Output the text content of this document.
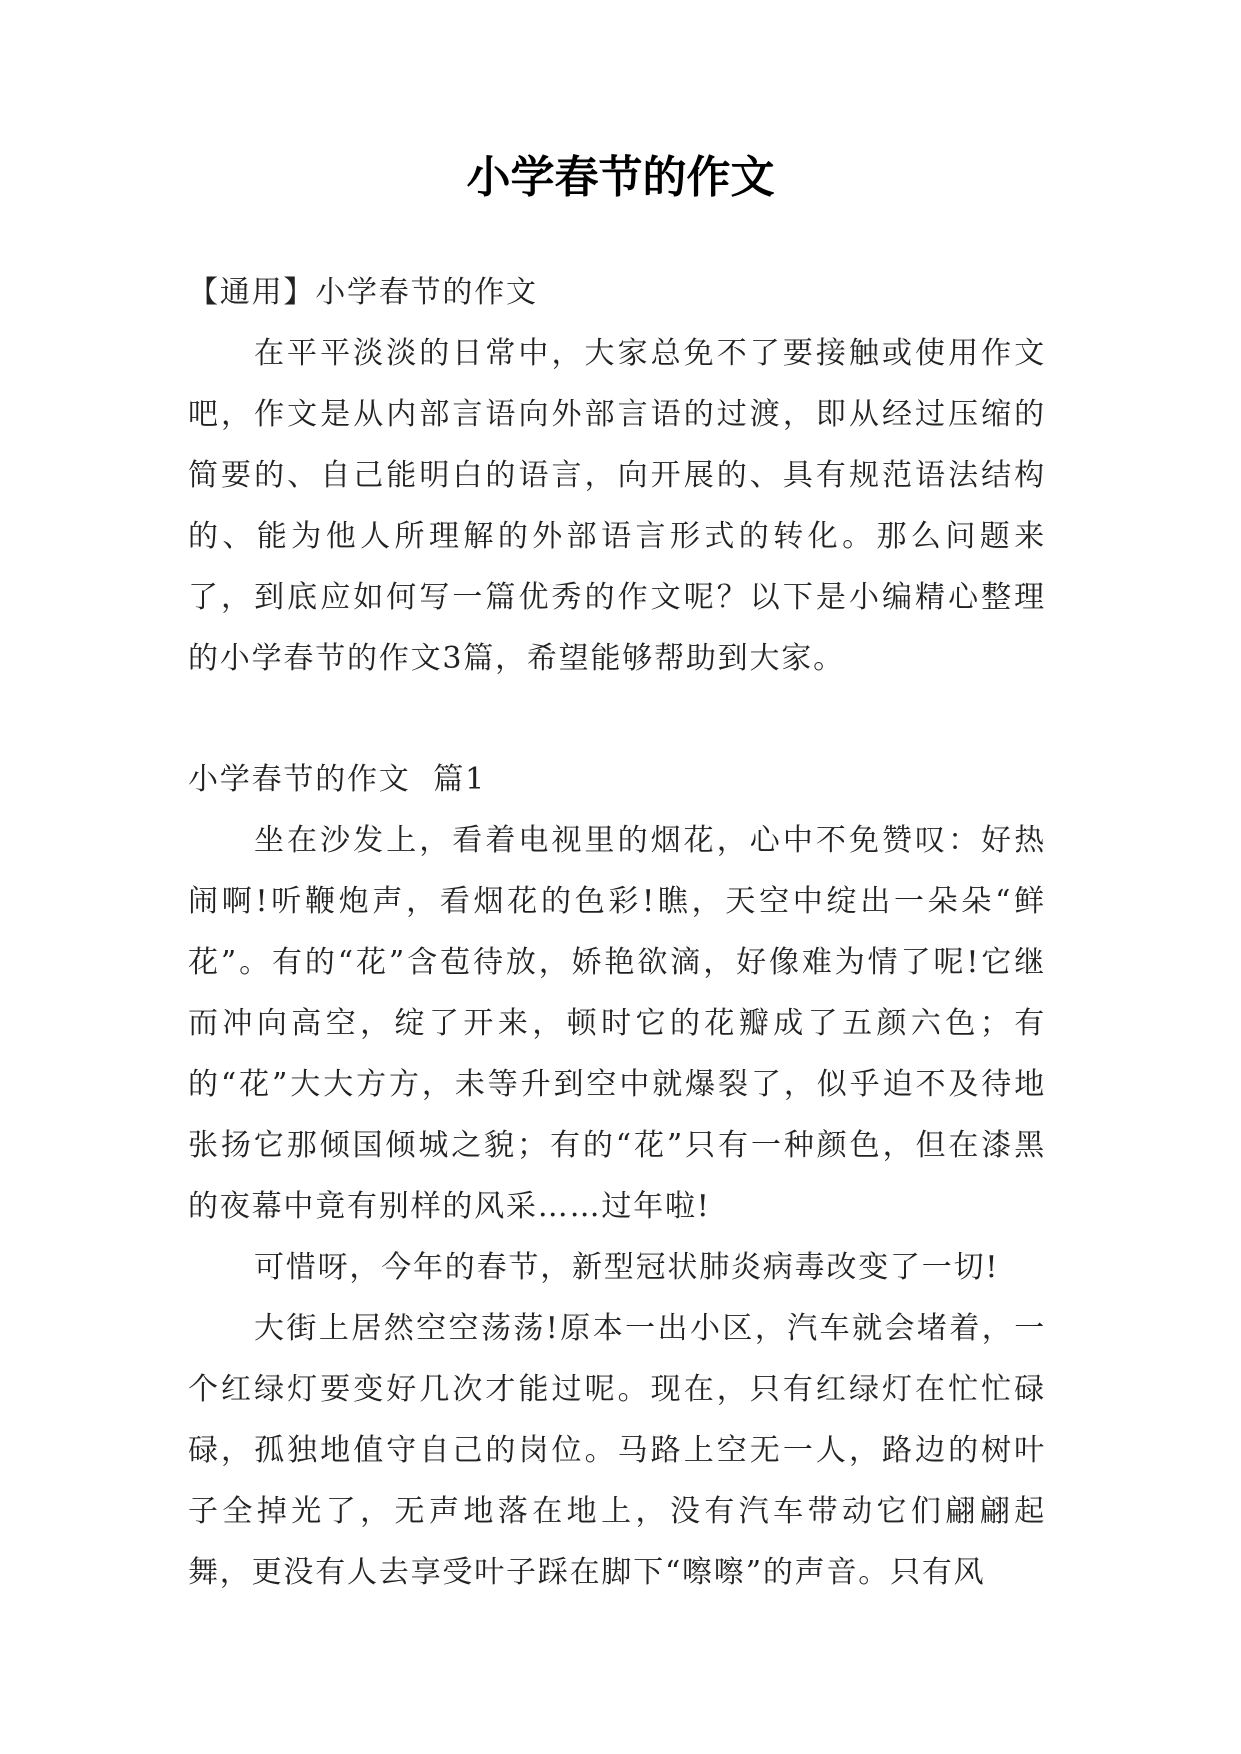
小学春节的作文

【通用】小学春节的作文

在平平淡淡的日常中，大家总免不了要接触或使用作文吧，作文是从内部言语向外部言语的过渡，即从经过压缩的简要的、自己能明白的语言，向开展的、具有规范语法结构的、能为他人所理解的外部语言形式的转化。那么问题来了，到底应如何写一篇优秀的作文呢？以下是小编精心整理的小学春节的作文3篇，希望能够帮助到大家。

小学春节的作文  篇1

坐在沙发上，看着电视里的烟花，心中不免赞叹：好热闹啊!听鞭炮声，看烟花的色彩!瞧，天空中绽出一朵朵“鲜花”。有的“花”含苞待放，娇艳欲滴，好像难为情了呢!它继而冲向高空，绽了开来，顿时它的花瓣成了五颜六色；有的“花”大大方方，未等升到空中就爆裂了，似乎迫不及待地张扬它那倾国倾城之貌；有的“花”只有一种颜色，但在漆黑的夜幕中竟有别样的风采……过年啦!

可惜呀，今年的春节，新型冠状肺炎病毒改变了一切!

大街上居然空空荡荡!原本一出小区，汽车就会堵着，一个红绿灯要变好几次才能过呢。现在，只有红绿灯在忙忙碌碌，孤独地值守自己的岗位。马路上空无一人，路边的树叶子全掉光了，无声地落在地上，没有汽车带动它们翩翩起舞，更没有人去享受叶子踩在脚下“嚓嚓”的声音。只有风
